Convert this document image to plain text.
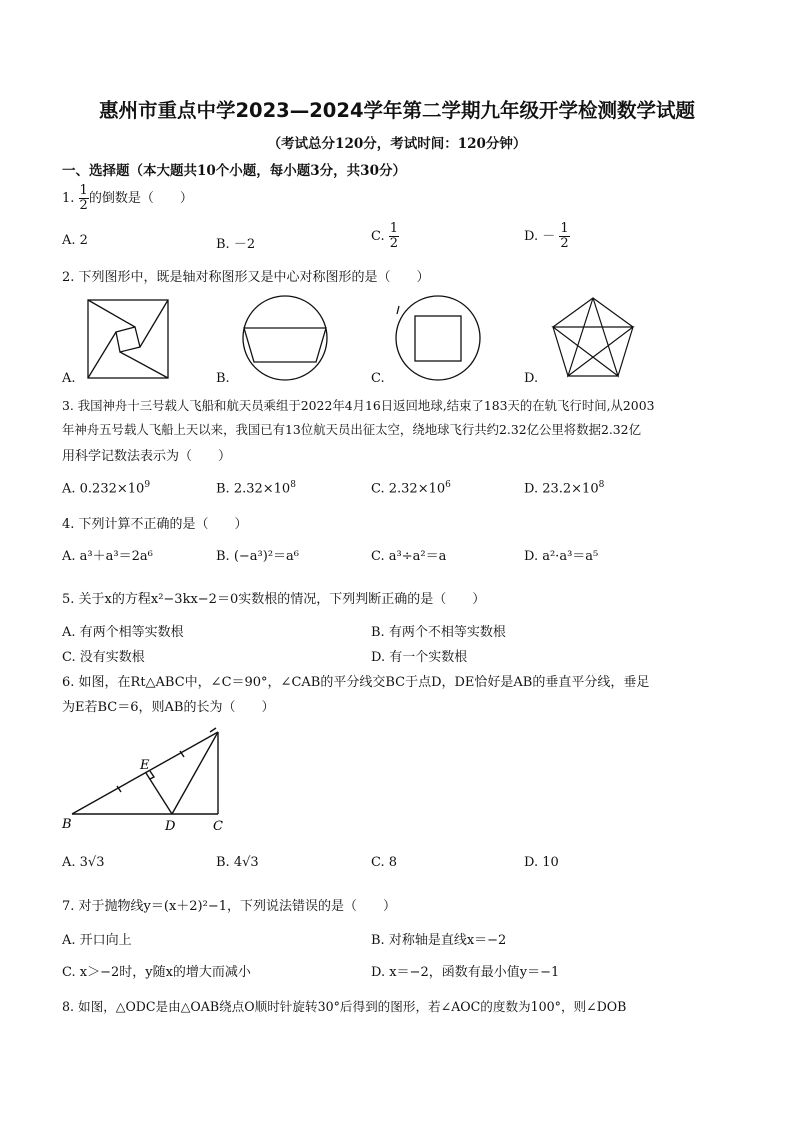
惠州市重点中学2023—2024学年第二学期九年级开学检测数学试题
（考试总分120分，考试时间：120分钟）
一、选择题（本大题共10个小题，每小题3分，共30分）
1. $\frac{1}{2}$ 的倒数是（　　）
A. 2	B. －2
C. $\frac{1}{2}$	D. － $\frac{1}{2}$
2. 下列图形中，既是轴对称图形又是中心对称图形的是（　　）
A.	B.	C.	D.
3. 我国神舟十三号载人飞船和航天员乘组于2022年4月16日返回地球,结束了183天的在轨飞行时间,从2003
年神舟五号载人飞船上天以来，我国已有13位航天员出征太空，绕地球飞行共约2.32亿公里将数据2.32亿
用科学记数法表示为（　　）
A. $0.232\times 10^9$	B. $2.32\times 10^8$	C. $2.32\times 10^6$	D. $23.2\times 10^8$
4. 下列计算不正确的是（　　）
A. a³＋a³＝2a⁶	B. (−a³)²＝a⁶	C. a³÷a²＝a	D. a²·a³＝a⁵
5. 关于x的方程x²−3kx−2＝0实数根的情况，下列判断正确的是（　　）
A. 有两个相等实数根	B. 有两个不相等实数根
C. 没有实数根	D. 有一个实数根
6. 如图，在Rt△ABC中，∠C＝90°，∠CAB的平分线交BC于点D，DE恰好是AB的垂直平分线，垂足
为E若BC＝6，则AB的长为（　　）
B	D	C
E
A. 3√3	B. 4√3	C. 8	D. 10
7. 对于抛物线y＝(x＋2)²−1，下列说法错误的是（　　）
A. 开口向上	B. 对称轴是直线x＝−2
C. x＞−2时，y随x的增大而减小	D. x＝−2，函数有最小值y＝−1
8. 如图，△ODC是由△OAB绕点O顺时针旋转30°后得到的图形，若∠AOC的度数为100°，则∠DOB
